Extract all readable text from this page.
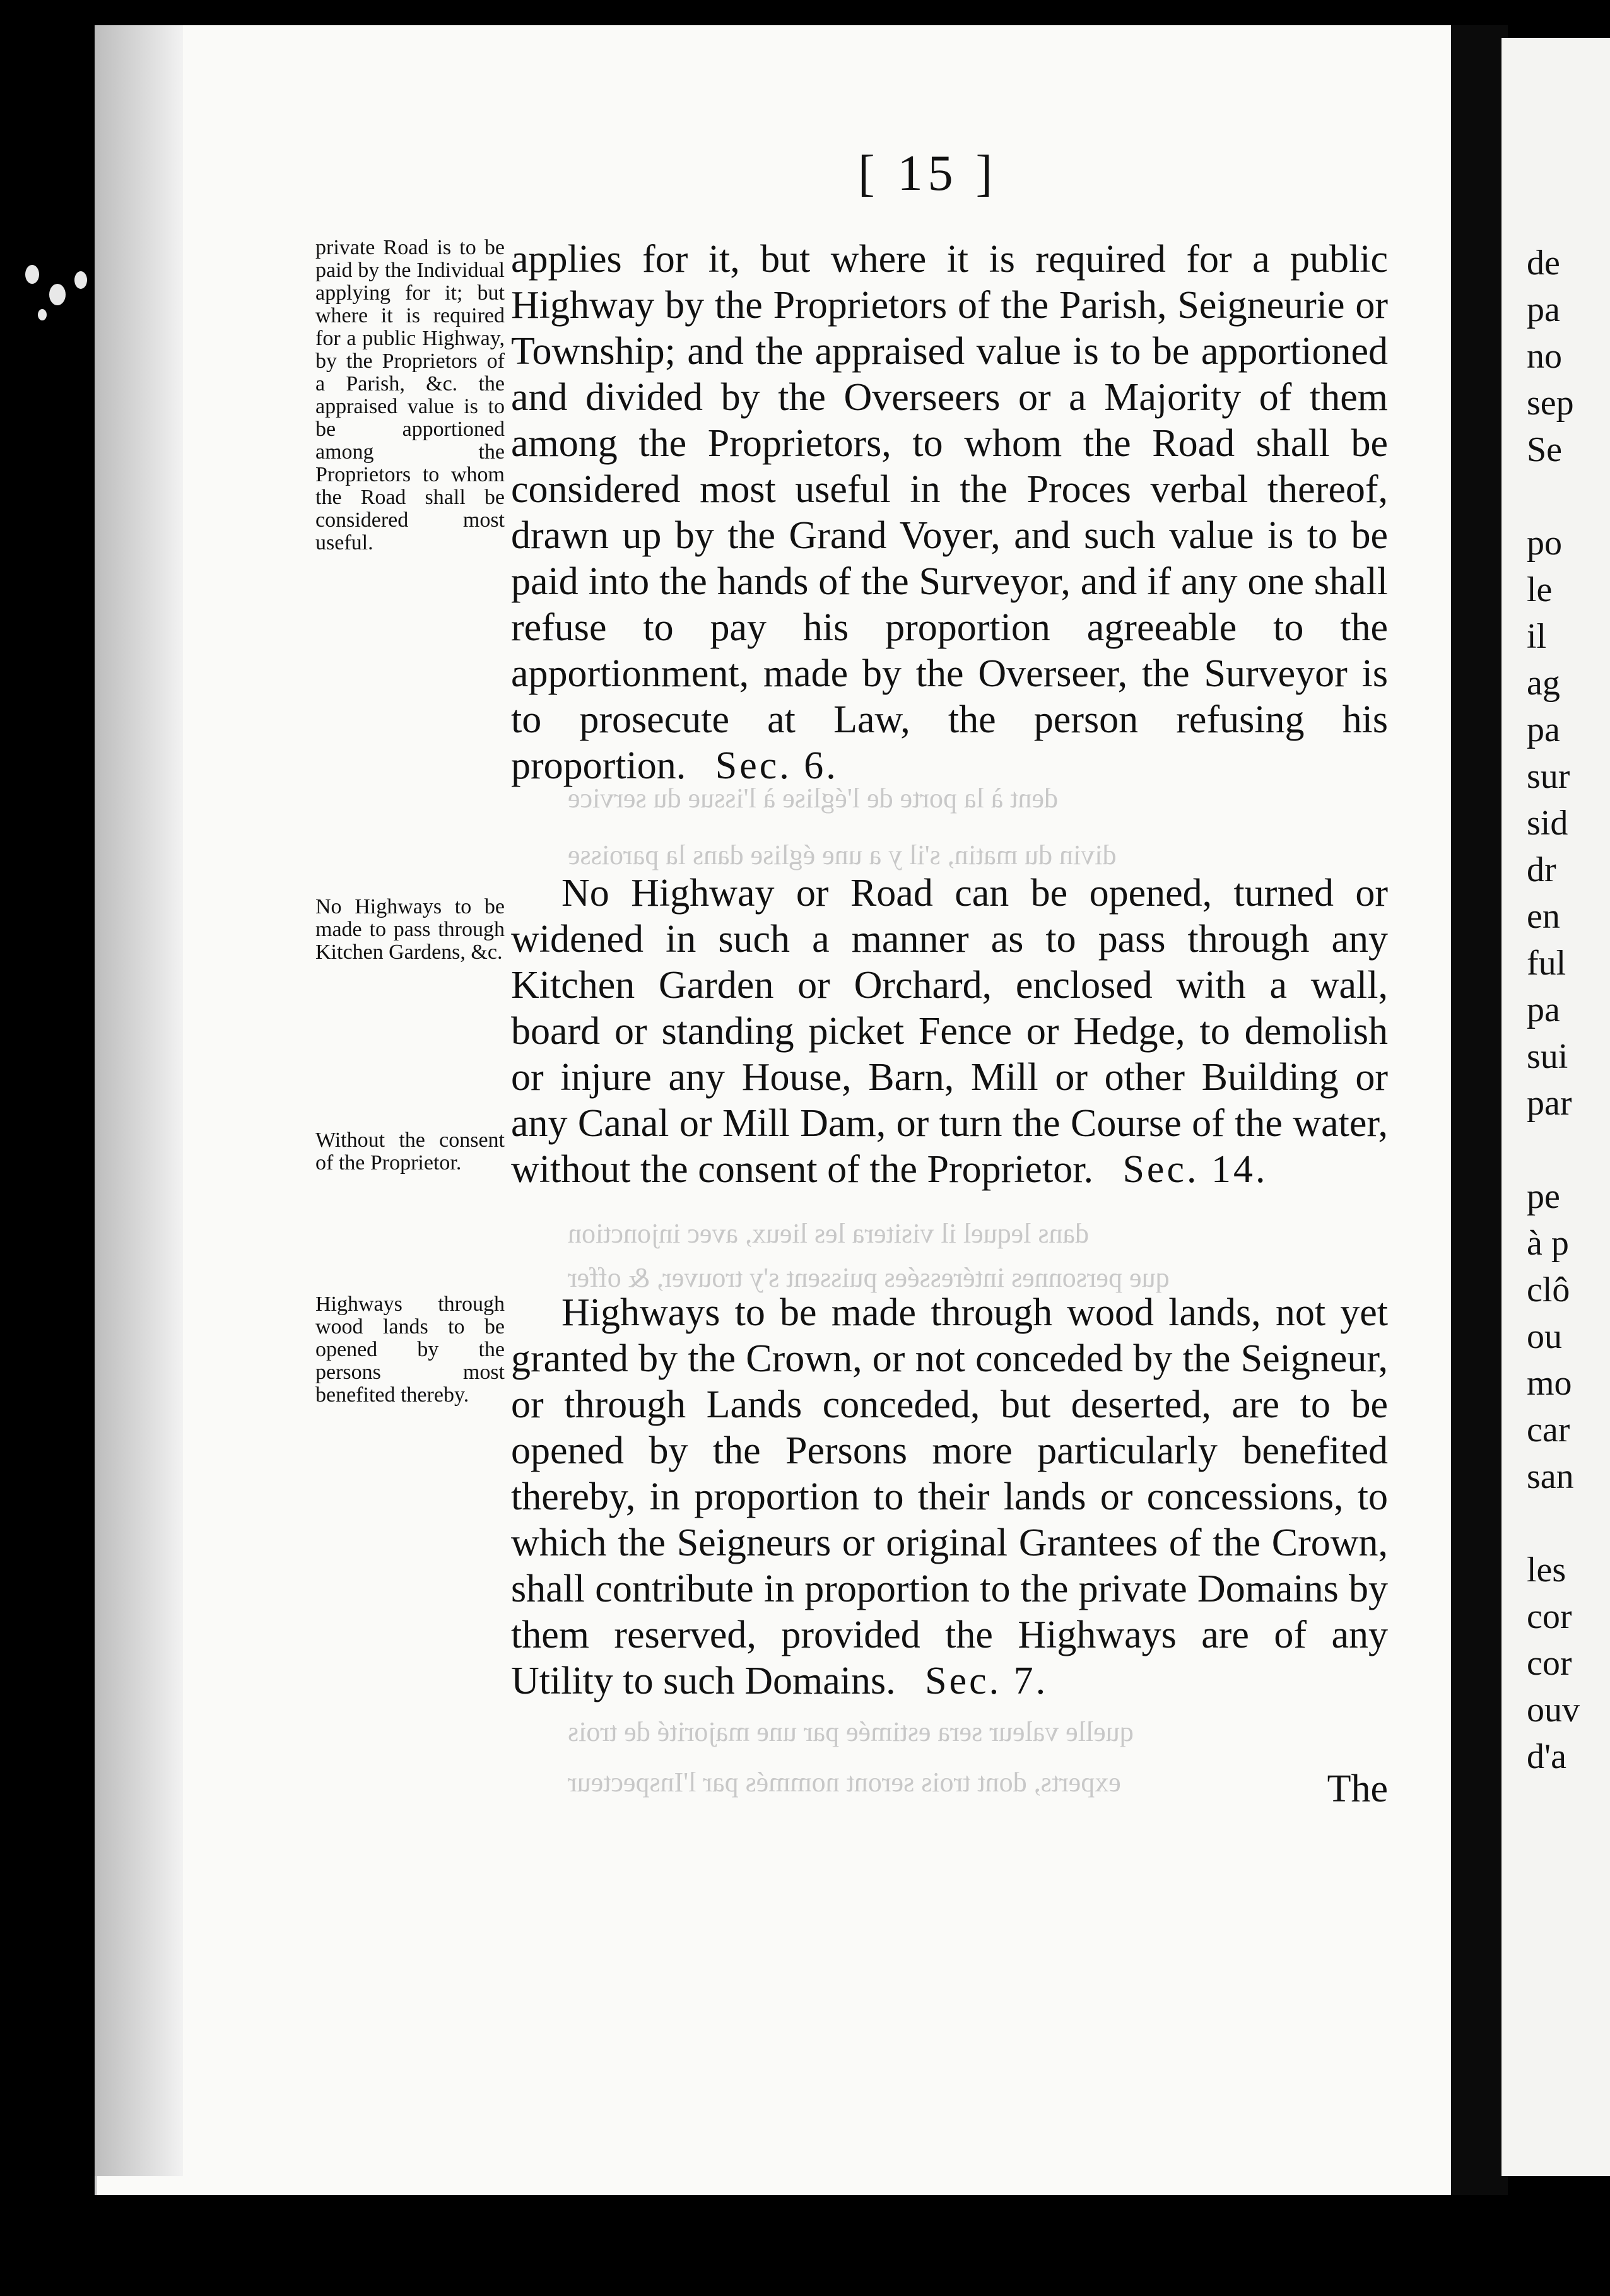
dent à la porte de l'église à l'issue du service
divin du matin, s'il y a une église dans la paroisse
dans lequel il visitera les lieux, avec injonction
que personnes intéressées puissent s'y trouver, & offer
quelle valeur sera estimée par une majorité de trois
experts, dont trois seront nommés par l'Inspecteur
[ 15 ]

applies for it, but where it is required for a public Highway by the Proprietors of the Parish, Seigneurie or Township; and the appraised value is to be apportioned and divided by the Overseers or a Majority of them among the Proprietors, to whom the Road shall be considered most useful in the Proces verbal thereof, drawn up by the Grand Voyer, and such value is to be paid into the hands of the Surveyor, and if any one shall refuse to pay his proportion agreeable to the apportionment, made by the Overseer, the Surveyor is to prosecute at Law, the person refusing his proportion. Sec. 6.

No Highway or Road can be opened, turned or widened in such a manner as to pass through any Kitchen Garden or Orchard, enclosed with a wall, board or standing picket Fence or Hedge, to demolish or injure any House, Barn, Mill or other Building or any Canal or Mill Dam, or turn the Course of the water, without the consent of the Proprietor. Sec. 14.

Highways to be made through wood lands, not yet granted by the Crown, or not conceded by the Seigneur, or through Lands conceded, but deserted, are to be opened by the Persons more particularly benefited thereby, in proportion to their lands or concessions, to which the Seigneurs or original Grantees of the Crown, shall contribute in proportion to the private Domains by them reserved, provided the Highways are of any Utility to such Domains. Sec. 7.

The
private Road is to be paid by the Individual applying for it; but where it is required for a public Highway, by the Proprietors of a Parish, &c. the appraised value is to be apportioned among the Proprietors to whom the Road shall be considered most useful.
No Highways to be made to pass through Kitchen Gardens, &c.
Without the consent of the Proprietor.
Highways through wood lands to be opened by the persons most benefited thereby.
de
pa
no
sep
Se

po
le
il
ag
pa
sur
sid
dr
en
ful
pa
sui
par

pe
à p
clô
ou
mo
car
san

les
cor
cor
ouv
d'a
